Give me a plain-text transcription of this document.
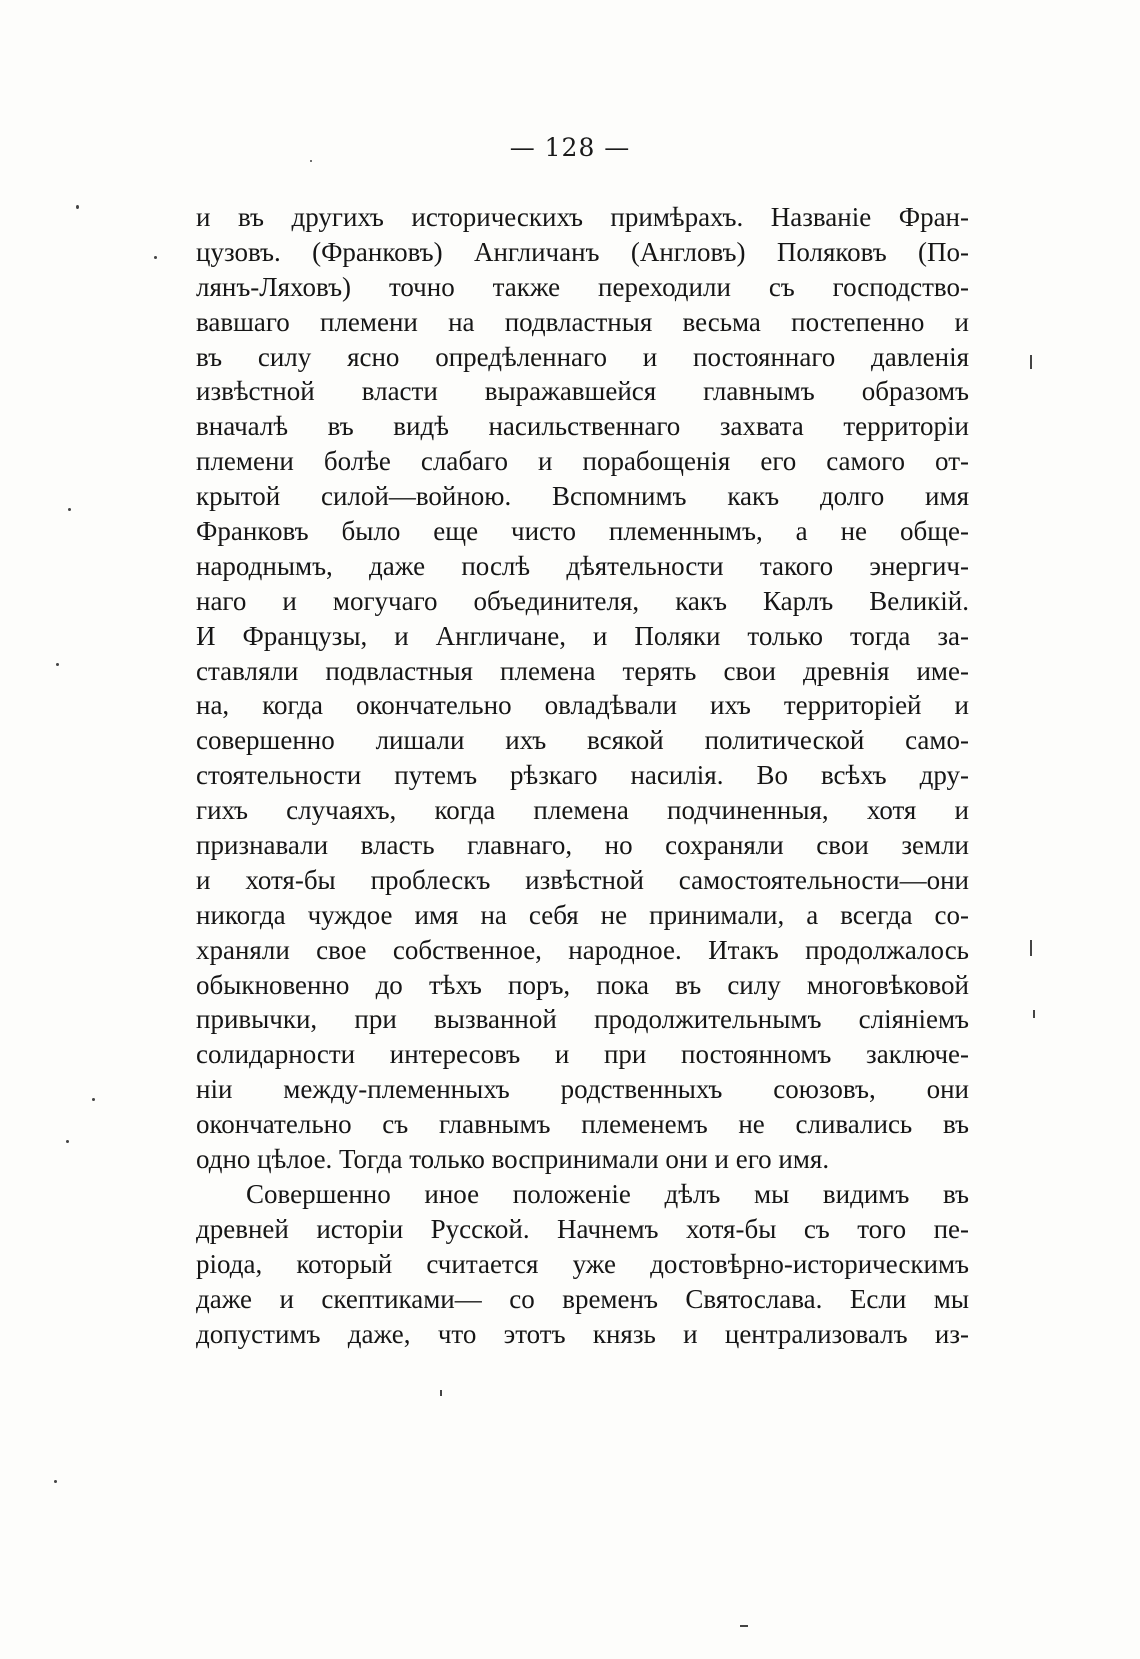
— 128 —
и въ другихъ историческихъ примѣрахъ. Названiе Фран-
цузовъ. (Франковъ) Англичанъ (Англовъ) Поляковъ (По-
лянъ-Ляховъ) точно также переходили съ господство-
вавшаго племени на подвластныя весьма постепенно и
въ силу ясно опредѣленнаго и постояннаго давленiя
извѣстной власти выражавшейся главнымъ образомъ
вначалѣ въ видѣ насильственнаго захвата территорiи
племени болѣе слабаго и порабощенiя его самого от-
крытой силой—войною. Вспомнимъ какъ долго имя
Франковъ было еще чисто племеннымъ, а не обще-
народнымъ, даже послѣ дѣятельности такого энергич-
наго и могучаго объединителя, какъ Карлъ Великiй.
И Французы, и Англичане, и Поляки только тогда за-
ставляли подвластныя племена терять свои древнiя име-
на, когда окончательно овладѣвали ихъ территорiей и
совершенно лишали ихъ всякой политической само-
стоятельности путемъ рѣзкаго насилiя. Во всѣхъ дру-
гихъ случаяхъ, когда племена подчиненныя, хотя и
признавали власть главнаго, но сохраняли свои земли
и хотя-бы проблескъ извѣстной самостоятельности—они
никогда чуждое имя на себя не принимали, а всегда со-
храняли свое собственное, народное. Итакъ продолжалось
обыкновенно до тѣхъ поръ, пока въ силу многовѣковой
привычки, при вызванной продолжительнымъ слiянiемъ
солидарности интересовъ и при постоянномъ заключе-
нiи между-племенныхъ родственныхъ союзовъ, они
окончательно съ главнымъ племенемъ не сливались въ
одно цѣлое. Тогда только воспринимали они и его имя.
Совершенно иное положенiе дѣлъ мы видимъ въ
древней исторiи Русской. Начнемъ хотя-бы съ того пе-
рiода, который считается уже достовѣрно-историческимъ
даже и скептиками— со временъ Святослава. Если мы
допустимъ даже, что этотъ князь и централизовалъ из-
